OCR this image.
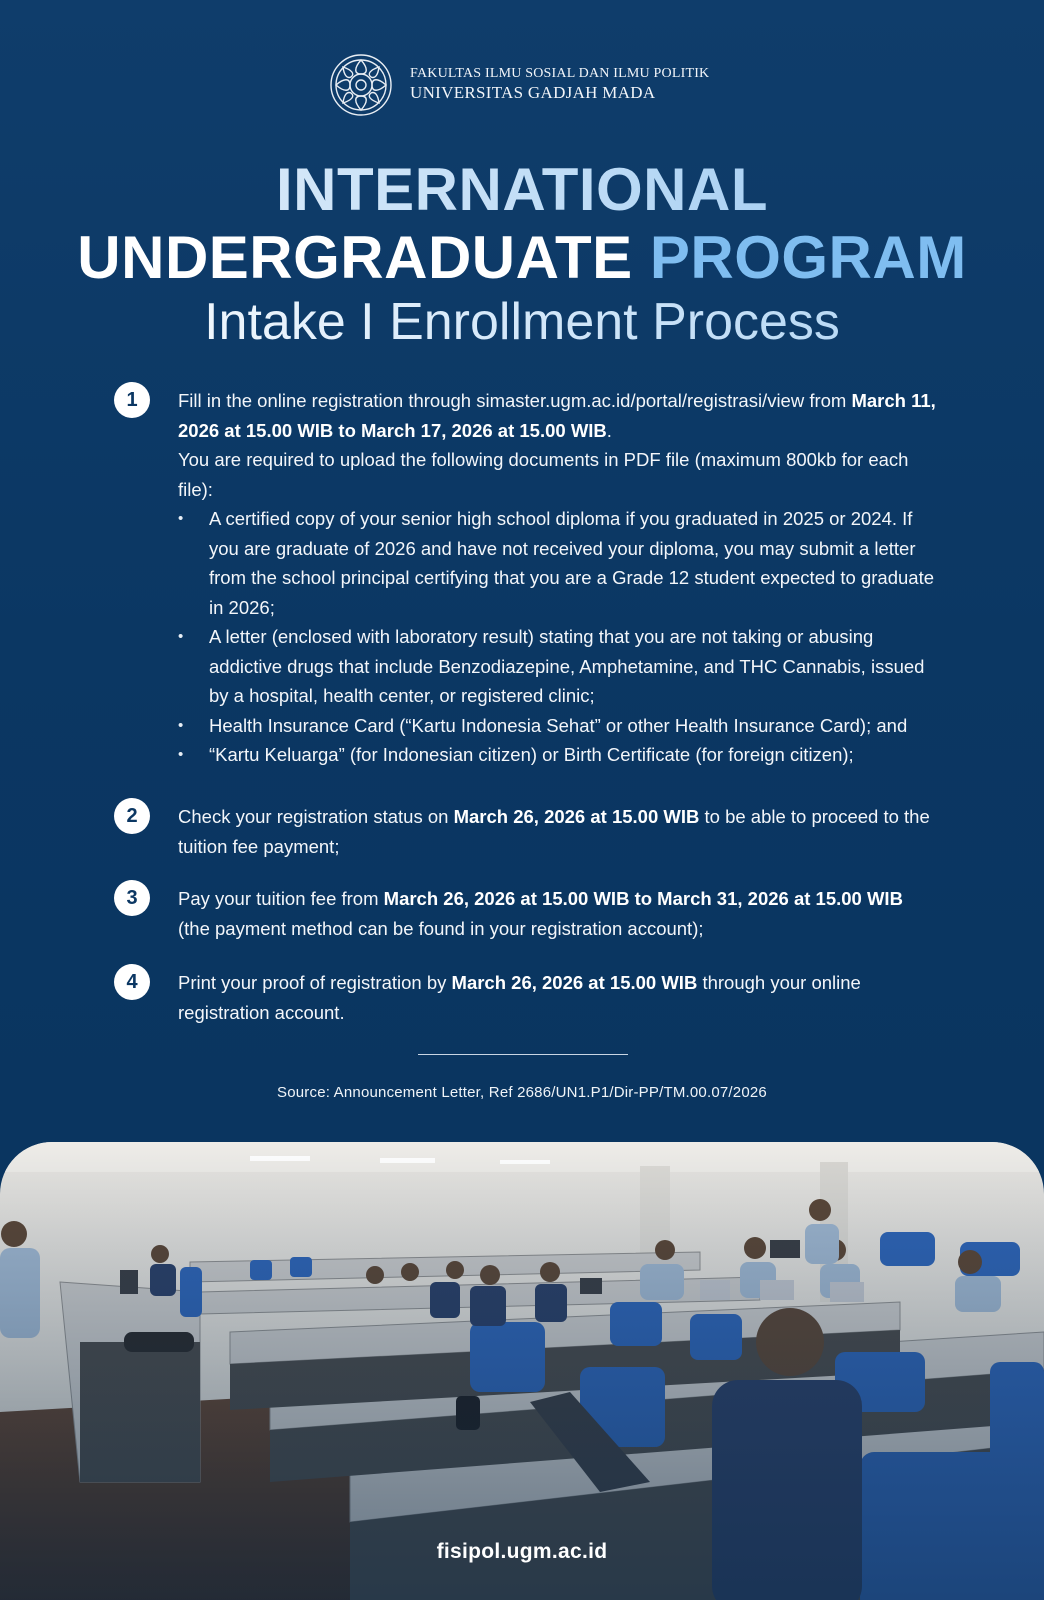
FAKULTAS ILMU SOSIAL DAN ILMU POLITIK
UNIVERSITAS GADJAH MADA
INTERNATIONAL
UNDERGRADUATE PROGRAM
Intake I Enrollment Process
1	Fill in the online registration through simaster.ugm.ac.id/portal/registrasi/view from March 11, 2026 at 15.00 WIB to March 17, 2026 at 15.00 WIB.

You are required to upload the following documents in PDF file (maximum 800kb for each file):

• A certified copy of your senior high school diploma if you graduated in 2025 or 2024. If you are graduate of 2026 and have not received your diploma, you may submit a letter from the school principal certifying that you are a Grade 12 student expected to graduate in 2026;
• A letter (enclosed with laboratory result) stating that you are not taking or abusing addictive drugs that include Benzodiazepine, Amphetamine, and THC Cannabis, issued by a hospital, health center, or registered clinic;
• Health Insurance Card (“Kartu Indonesia Sehat” or other Health Insurance Card); and
• “Kartu Keluarga” (for Indonesian citizen) or Birth Certificate (for foreign citizen);
2	Check your registration status on March 26, 2026 at 15.00 WIB to be able to proceed to the tuition fee payment;

3	Pay your tuition fee from March 26, 2026 at 15.00 WIB to March 31, 2026 at 15.00 WIB (the payment method can be found in your registration account);

4	Print your proof of registration by March 26, 2026 at 15.00 WIB through your online registration account.

Source: Announcement Letter, Ref 2686/UN1.P1/Dir-PP/TM.00.07/2026
fisipol.ugm.ac.id
